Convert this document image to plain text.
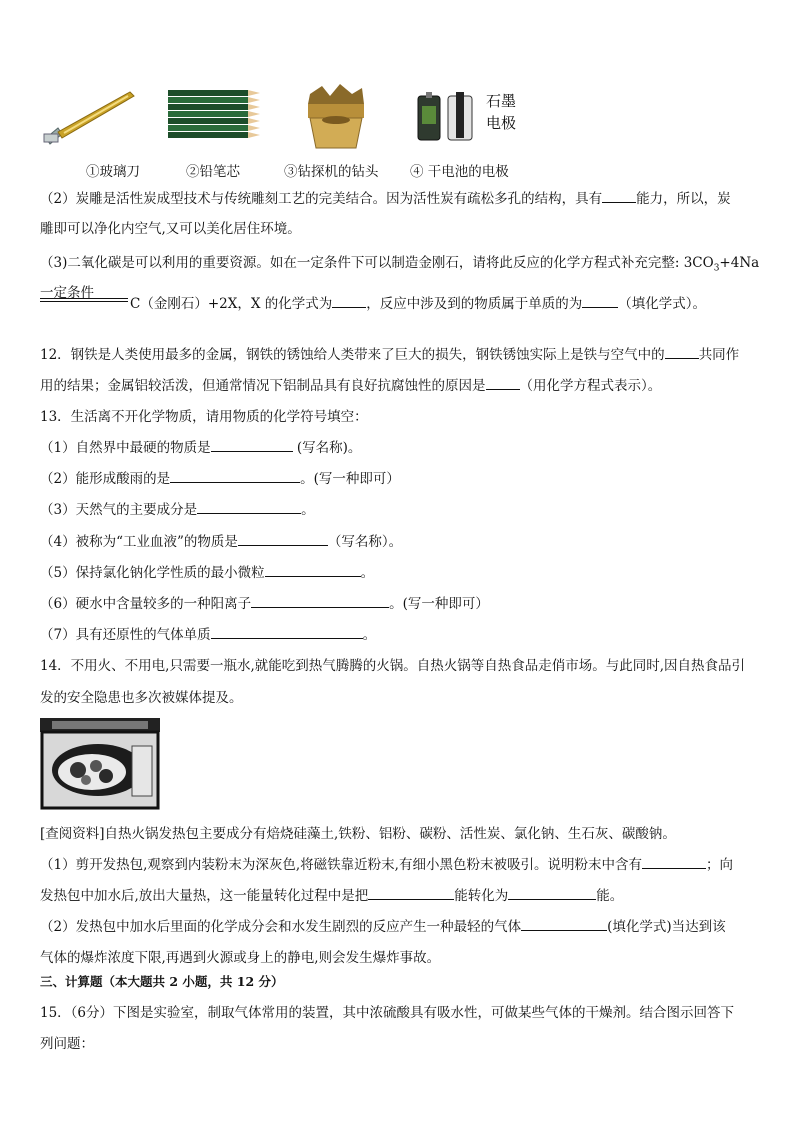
石墨
电极
①玻璃刀	②铅笔芯	③钻探机的钻头 ④ 干电池的电极
（2）炭雕是活性炭成型技术与传统雕刻工艺的完美结合。因为活性炭有疏松多孔的结构，具有	能力，所以，炭
雕即可以净化内空气,又可以美化居住环境。
（3)二氧化碳是可以利用的重要资源。如在一定条件下可以制造金刚石，请将此反应的化学方程式补充完整: $3CO_3+4Na$
一定条件
C（金刚石）+2X，X 的化学式为	，反应中涉及到的物质属于单质的为	（填化学式）。
12．钢铁是人类使用最多的金属，钢铁的锈蚀给人类带来了巨大的损失，钢铁锈蚀实际上是铁与空气中的	共同作
用的结果；金属铝较活泼，但通常情况下铝制品具有良好抗腐蚀性的原因是	（用化学方程式表示）。
13．生活离不开化学物质，请用物质的化学符号填空：
（1）自然界中最硬的物质是	(写名称)。
（2）能形成酸雨的是	。(写一种即可）
（3）天然气的主要成分是	。
（4）被称为“工业血液”的物质是	（写名称）。
（5）保持氯化钠化学性质的最小微粒	。
（6）硬水中含量较多的一种阳离子	。(写一种即可）
（7）具有还原性的气体单质	。
14．不用火、不用电,只需要一瓶水,就能吃到热气腾腾的火锅。自热火锅等自热食品走俏市场。与此同时,因自热食品引
发的安全隐患也多次被媒体提及。
[查阅资料]自热火锅发热包主要成分有焙烧硅藻土,铁粉、铝粉、碳粉、活性炭、氯化钠、生石灰、碳酸钠。
（1）剪开发热包,观察到内装粉末为深灰色,将磁铁靠近粉末,有细小黑色粉末被吸引。说明粉末中含有	；向
发热包中加水后,放出大量热，这一能量转化过程中是把	能转化为	能。
（2）发热包中加水后里面的化学成分会和水发生剧烈的反应产生一种最轻的气体	(填化学式)当达到该
气体的爆炸浓度下限,再遇到火源或身上的静电,则会发生爆炸事故。
三、计算题（本大题共 2 小题，共 12 分）
15．（6分）下图是实验室，制取气体常用的装置，其中浓硫酸具有吸水性，可做某些气体的干燥剂。结合图示回答下
列问题：
